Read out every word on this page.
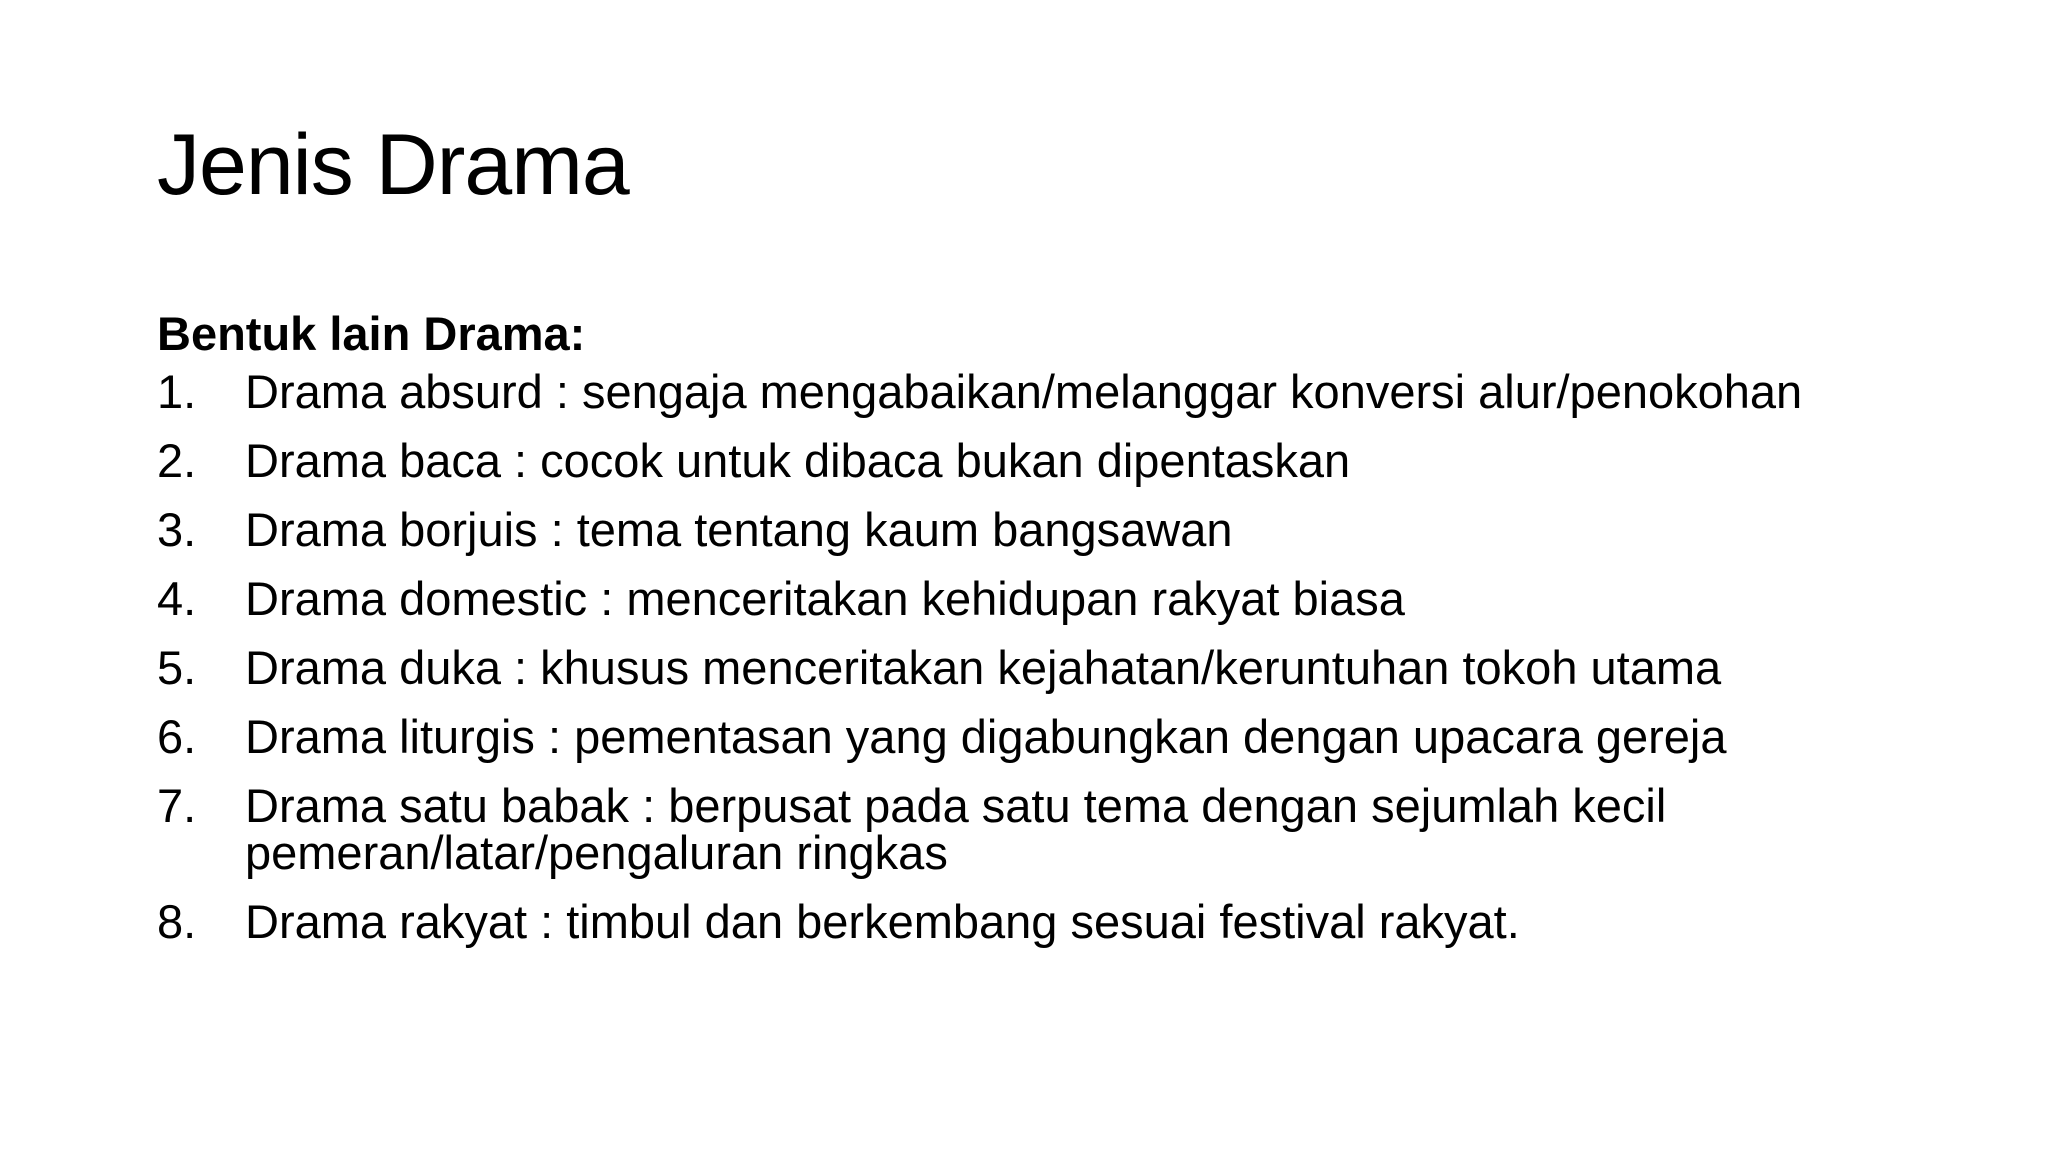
Jenis Drama
Bentuk lain Drama:
1. Drama absurd : sengaja mengabaikan/melanggar konversi alur/penokohan
2. Drama baca : cocok untuk dibaca bukan dipentaskan
3. Drama borjuis : tema tentang kaum bangsawan
4. Drama domestic : menceritakan kehidupan rakyat biasa
5. Drama duka : khusus menceritakan kejahatan/keruntuhan tokoh utama
6. Drama liturgis : pementasan yang digabungkan dengan upacara gereja
7. Drama satu babak : berpusat pada satu tema dengan sejumlah kecil pemeran/latar/pengaluran ringkas
8. Drama rakyat : timbul dan berkembang sesuai festival rakyat.
